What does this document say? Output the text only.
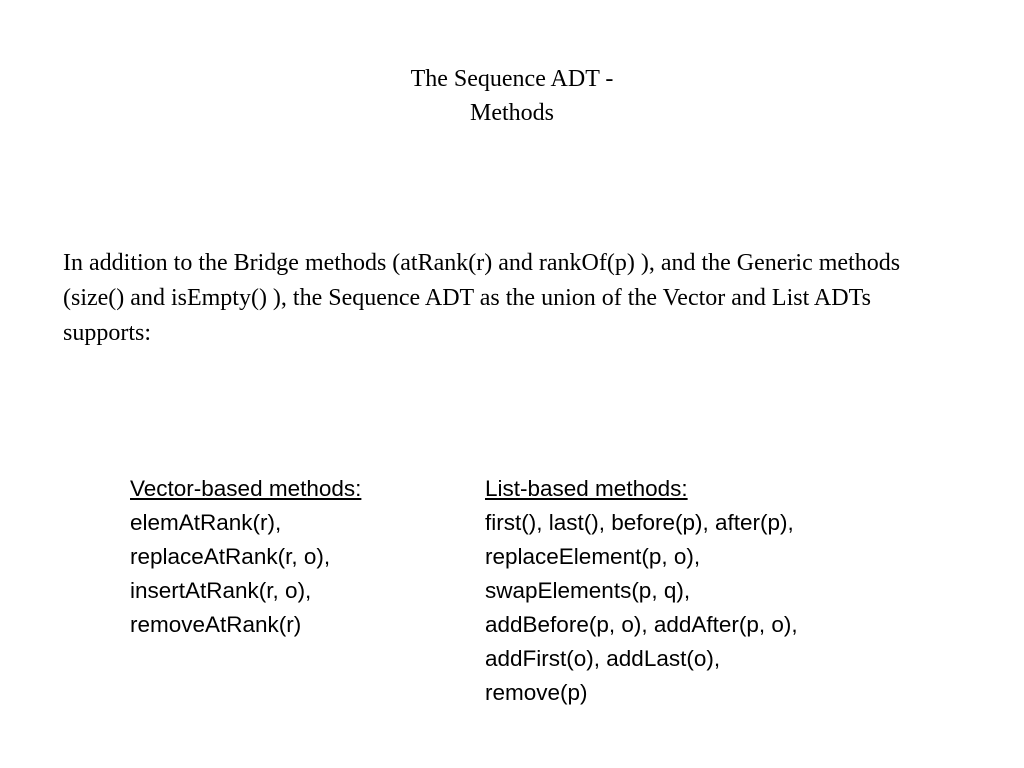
The Sequence ADT -
Methods

In addition to the Bridge methods (atRank(r) and rankOf(p) ), and the Generic methods (size() and isEmpty() ), the Sequence ADT as the union of the Vector and List ADTs supports:

Vector-based methods:
elemAtRank(r),
replaceAtRank(r, o),
insertAtRank(r, o),
removeAtRank(r)
List-based methods:
first(), last(), before(p), after(p),
replaceElement(p, o),
swapElements(p, q),
addBefore(p, o), addAfter(p, o),
addFirst(o), addLast(o),
remove(p)
